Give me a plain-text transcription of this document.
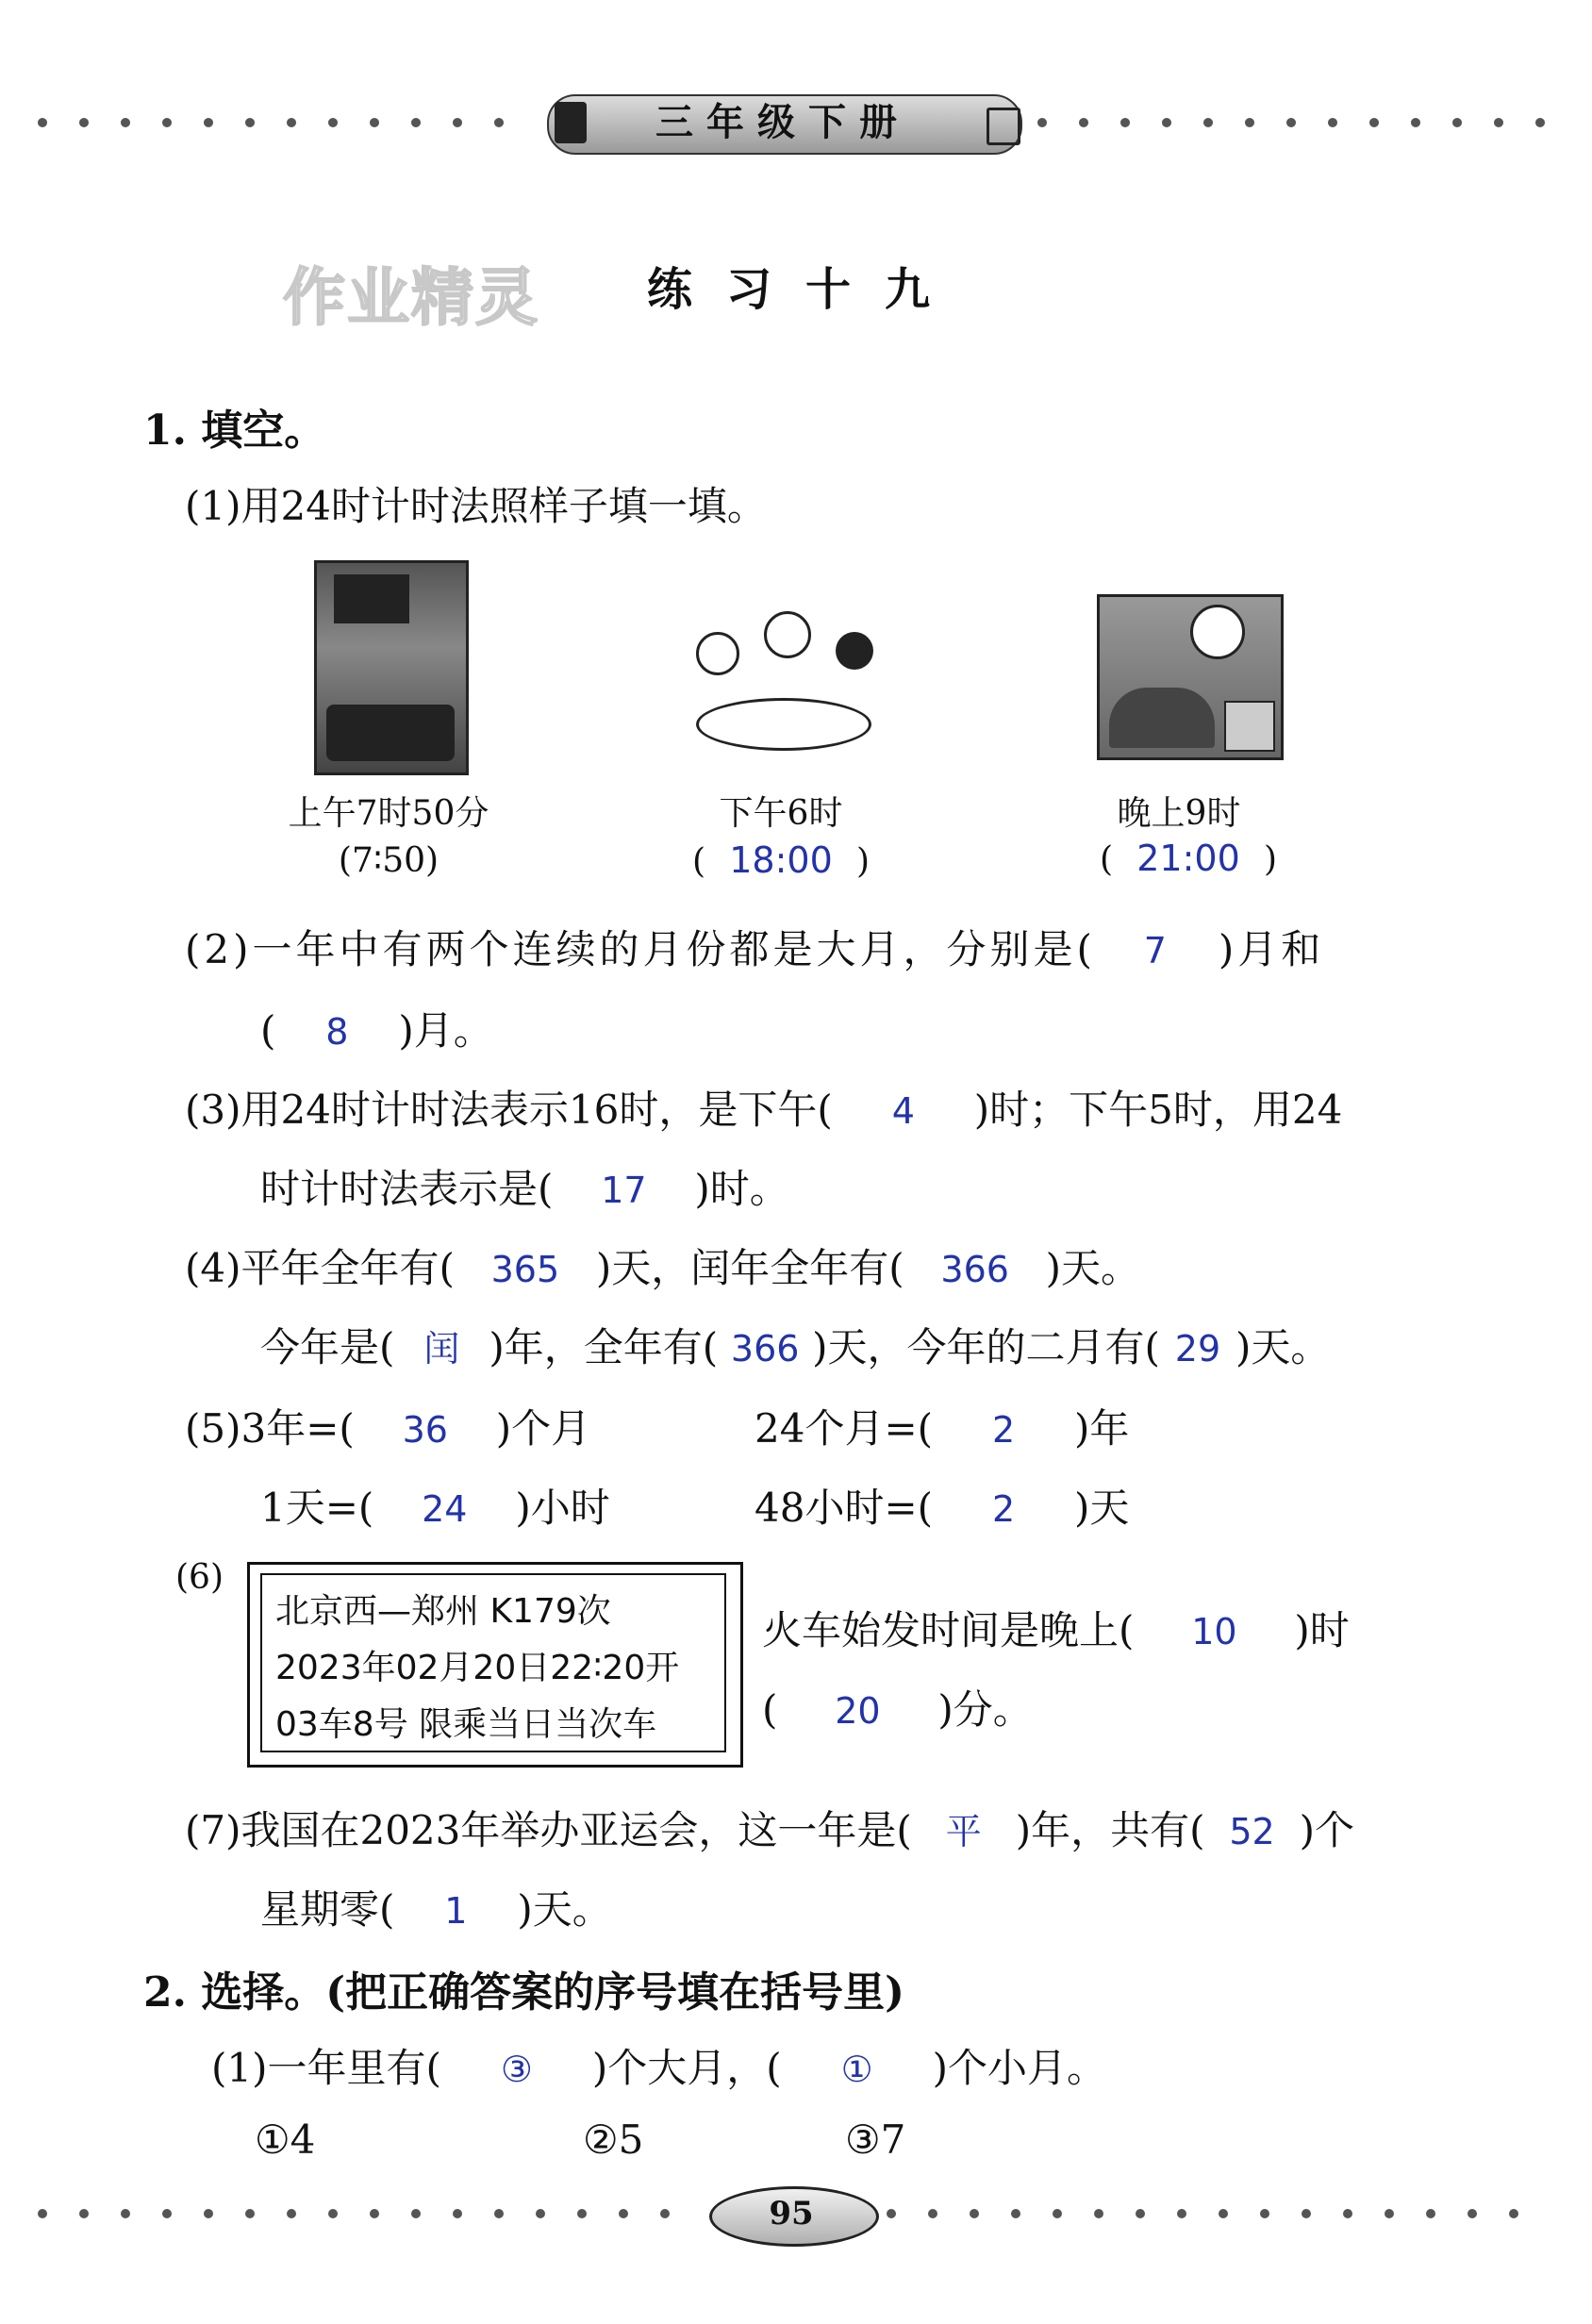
三年级下册
作业精灵 练习十九
1. 填空。
(1)用24时计时法照样子填一填。
上午7时50分
(7∶50)
下午6时
( 18:00 )
晚上9时
( 21:00 )
(2)一年中有两个连续的月份都是大月，分别是( 7 )月和
( 8 )月。
(3)用24时计时法表示16时，是下午( 4 )时；下午5时，用24
时计时法表示是( 17 )时。
(4)平年全年有( 365 )天，闰年全年有( 366 )天。
今年是( 闰 )年，全年有( 366 )天，今年的二月有( 29 )天。
(5)3年=( 36 )个月	24个月=( 2 )年
1天=( 24 )小时	48小时=( 2 )天
(6)
北京西—郑州 K179次
2023年02月20日22∶20开
03车8号 限乘当日当次车
火车始发时间是晚上( 10 )时
( 20 )分。
(7)我国在2023年举办亚运会，这一年是( 平 )年，共有( 52 )个
星期零( 1 )天。
2. 选择。(把正确答案的序号填在括号里)
(1)一年里有( ③ )个大月，( ① )个小月。
①4	②5	③7
95
